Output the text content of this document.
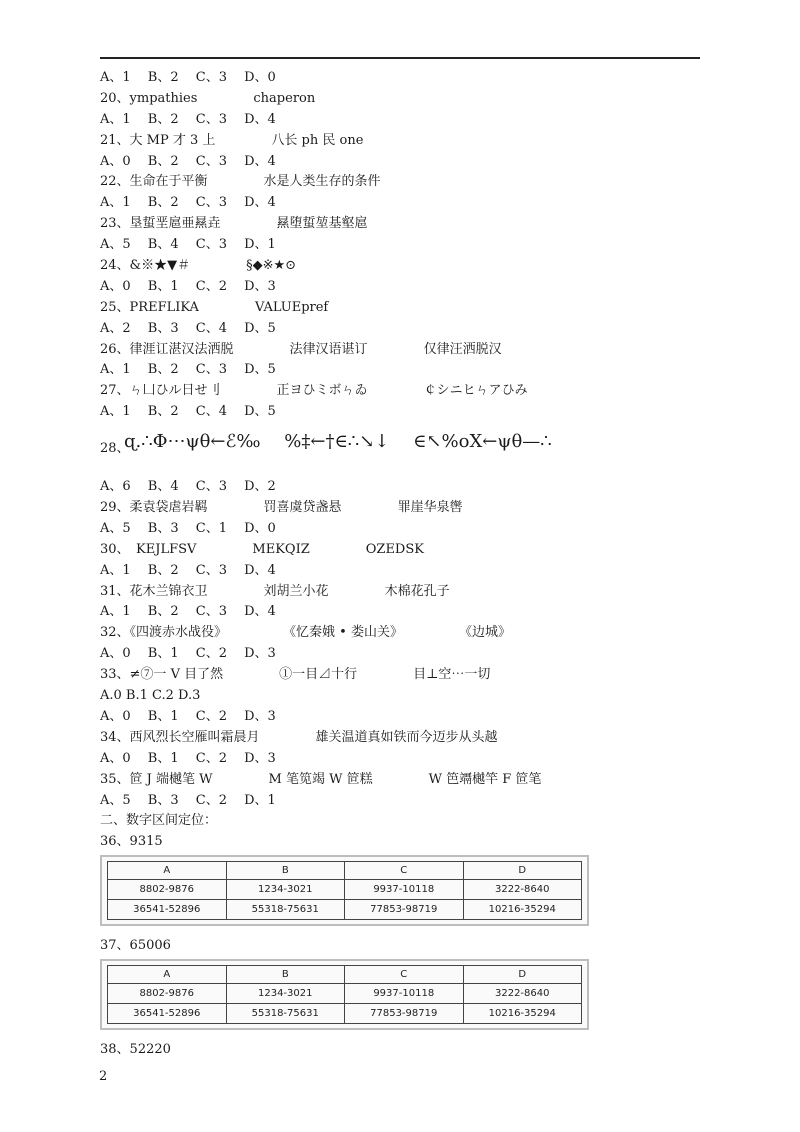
A、1　 B、2　 C、3　 D、0
20、ympathies	chaperon
A、1　 B、2　 C、3　 D、4
21、大 MP 才 3 上	八长 ph 民 one
A、0　 B、2　 C、3　 D、4
22、生命在于平衡	水是人类生存的条件
A、1　 B、2　 C、3　 D、4
23、垦蜇垩扈亜㬎垚	㬎堕蜇堃基壑扈
A、5　 B、4　 C、3　 D、1
24、&※★▼＃	§◆※★⊙
A、0　 B、1　 C、2　 D、3
25、PREFLIKA	VALUEpref
A、2　 B、3　 C、4　 D、5
26、律涯讧湛汉法洒脱	法律汉语谌订	仅律汪洒脱汉
A、1　 B、2　 C、3　 D、5
27、ㄣ凵ひル日せ刂	正ヨひミボㄣゐ	￠シニヒㄣアひみ
A、1　 B、2　 C、4　 D、5
28、
ɋ.∴Φ⋯ψθ←ℰ‰　 %‡←†∈∴↘↓　 ∈↖%oX←ψθ—∴
A、6　 B、4　 C、3　 D、2
29、柔袁袋虐岩羁	罚喜虞贷盏悬	罪崖华泉辔
A、5　 B、3　 C、1　 D、0
30、　KEJLFSV	MEKQIZ	OZEDSK
A、1　 B、2　 C、3　 D、4
31、花木兰锦衣卫	刘胡兰小花	木棉花孔子
A、1　 B、2　 C、3　 D、4
32、《四渡赤水战役》	《忆秦娥 • 娄山关》	《边城》
A、0　 B、1　 C、2　 D、3
33、≠⑦一 V 目了然	①一目⊿十行	目⊥空⋯一切
A.0 B.1 C.2 D.3
A、0　 B、1　 C、2　 D、3
34、西风烈长空雁叫霜晨月	雄关温道真如铁而今迈步从头越
A、0　 B、1　 C、2　 D、3
35、笸 J 端樾笔 W	M 笔笕竭 W 笸糕	W 笆竵樾竿 F 笸笔
A、5　 B、3　 C、2　 D、1
二、数字区间定位：
36、9315
A	B	C	D
8802-9876	1234-3021	9937-10118	3222-8640
36541-52896	55318-75631	77853-98719	10216-35294
37、65006
A	B	C	D
8802-9876	1234-3021	9937-10118	3222-8640
36541-52896	55318-75631	77853-98719	10216-35294
38、52220
2
